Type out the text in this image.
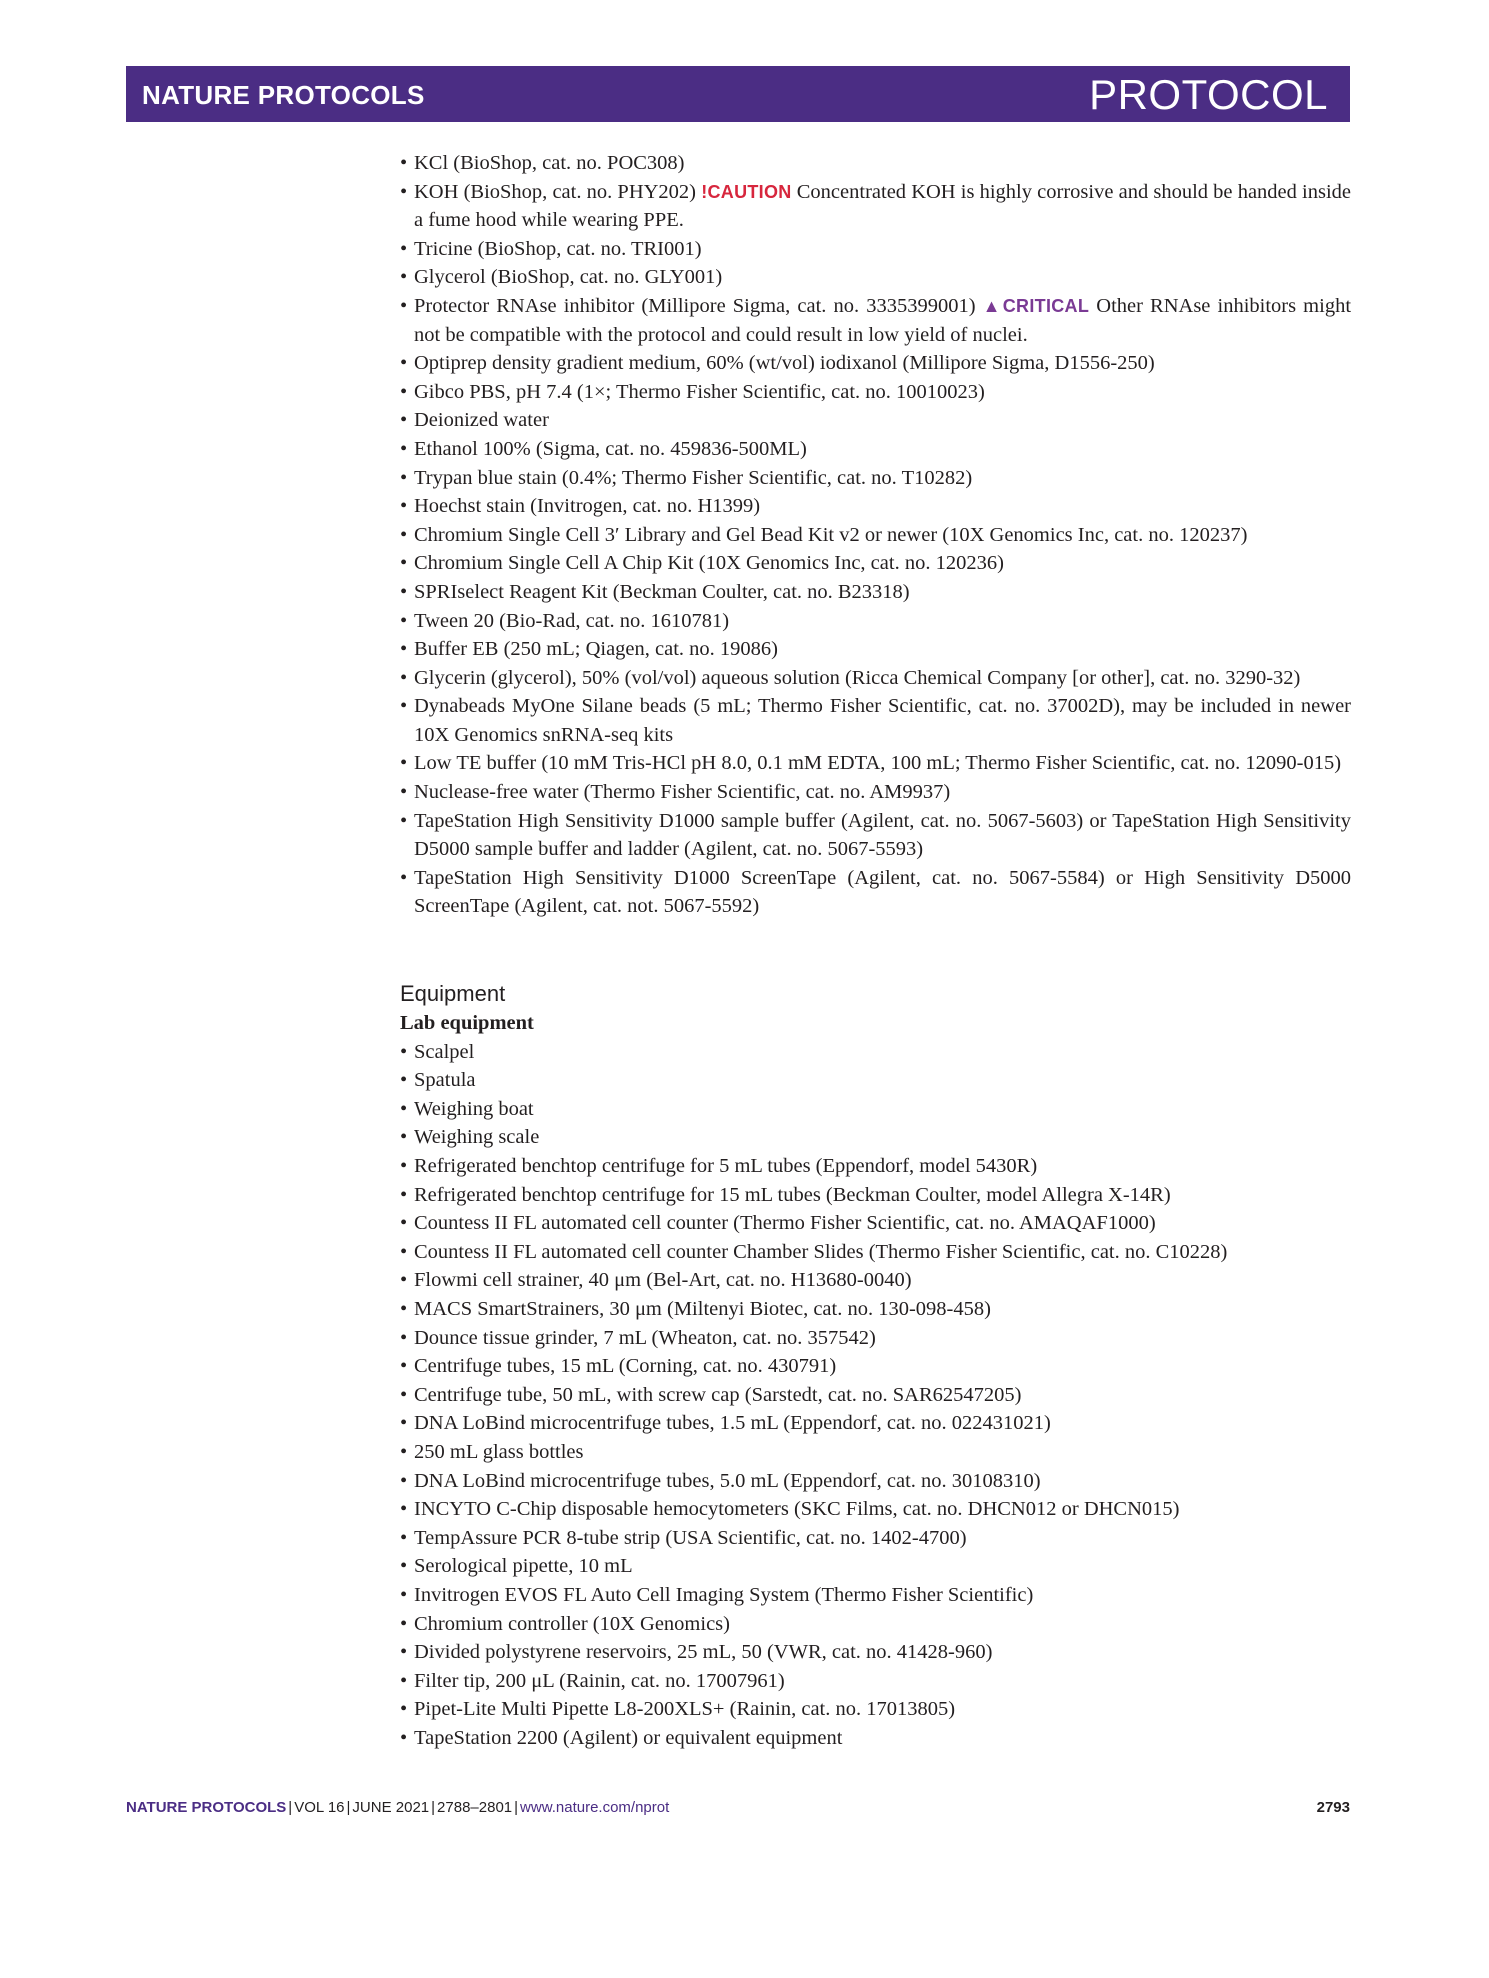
NATURE PROTOCOLS	PROTOCOL
• KCl (BioShop, cat. no. POC308)
• KOH (BioShop, cat. no. PHY202) !CAUTION Concentrated KOH is highly corrosive and should be handed inside a fume hood while wearing PPE.
• Tricine (BioShop, cat. no. TRI001)
• Glycerol (BioShop, cat. no. GLY001)
• Protector RNAse inhibitor (Millipore Sigma, cat. no. 3335399001) ▲CRITICAL Other RNAse inhibitors might not be compatible with the protocol and could result in low yield of nuclei.
• Optiprep density gradient medium, 60% (wt/vol) iodixanol (Millipore Sigma, D1556-250)
• Gibco PBS, pH 7.4 (1×; Thermo Fisher Scientific, cat. no. 10010023)
• Deionized water
• Ethanol 100% (Sigma, cat. no. 459836-500ML)
• Trypan blue stain (0.4%; Thermo Fisher Scientific, cat. no. T10282)
• Hoechst stain (Invitrogen, cat. no. H1399)
• Chromium Single Cell 3′ Library and Gel Bead Kit v2 or newer (10X Genomics Inc, cat. no. 120237)
• Chromium Single Cell A Chip Kit (10X Genomics Inc, cat. no. 120236)
• SPRIselect Reagent Kit (Beckman Coulter, cat. no. B23318)
• Tween 20 (Bio-Rad, cat. no. 1610781)
• Buffer EB (250 mL; Qiagen, cat. no. 19086)
• Glycerin (glycerol), 50% (vol/vol) aqueous solution (Ricca Chemical Company [or other], cat. no. 3290-32)
• Dynabeads MyOne Silane beads (5 mL; Thermo Fisher Scientific, cat. no. 37002D), may be included in newer 10X Genomics snRNA-seq kits
• Low TE buffer (10 mM Tris-HCl pH 8.0, 0.1 mM EDTA, 100 mL; Thermo Fisher Scientific, cat. no. 12090-015)
• Nuclease-free water (Thermo Fisher Scientific, cat. no. AM9937)
• TapeStation High Sensitivity D1000 sample buffer (Agilent, cat. no. 5067-5603) or TapeStation High Sensitivity D5000 sample buffer and ladder (Agilent, cat. no. 5067-5593)
• TapeStation High Sensitivity D1000 ScreenTape (Agilent, cat. no. 5067-5584) or High Sensitivity D5000 ScreenTape (Agilent, cat. not. 5067-5592)
Equipment

Lab equipment

• Scalpel
• Spatula
• Weighing boat
• Weighing scale
• Refrigerated benchtop centrifuge for 5 mL tubes (Eppendorf, model 5430R)
• Refrigerated benchtop centrifuge for 15 mL tubes (Beckman Coulter, model Allegra X-14R)
• Countess II FL automated cell counter (Thermo Fisher Scientific, cat. no. AMAQAF1000)
• Countess II FL automated cell counter Chamber Slides (Thermo Fisher Scientific, cat. no. C10228)
• Flowmi cell strainer, 40 μm (Bel-Art, cat. no. H13680-0040)
• MACS SmartStrainers, 30 μm (Miltenyi Biotec, cat. no. 130-098-458)
• Dounce tissue grinder, 7 mL (Wheaton, cat. no. 357542)
• Centrifuge tubes, 15 mL (Corning, cat. no. 430791)
• Centrifuge tube, 50 mL, with screw cap (Sarstedt, cat. no. SAR62547205)
• DNA LoBind microcentrifuge tubes, 1.5 mL (Eppendorf, cat. no. 022431021)
• 250 mL glass bottles
• DNA LoBind microcentrifuge tubes, 5.0 mL (Eppendorf, cat. no. 30108310)
• INCYTO C-Chip disposable hemocytometers (SKC Films, cat. no. DHCN012 or DHCN015)
• TempAssure PCR 8-tube strip (USA Scientific, cat. no. 1402-4700)
• Serological pipette, 10 mL
• Invitrogen EVOS FL Auto Cell Imaging System (Thermo Fisher Scientific)
• Chromium controller (10X Genomics)
• Divided polystyrene reservoirs, 25 mL, 50 (VWR, cat. no. 41428-960)
• Filter tip, 200 μL (Rainin, cat. no. 17007961)
• Pipet-Lite Multi Pipette L8-200XLS+ (Rainin, cat. no. 17013805)
• TapeStation 2200 (Agilent) or equivalent equipment
NATURE PROTOCOLS | VOL 16 | JUNE 2021 | 2788–2801 | www.nature.com/nprot	2793
